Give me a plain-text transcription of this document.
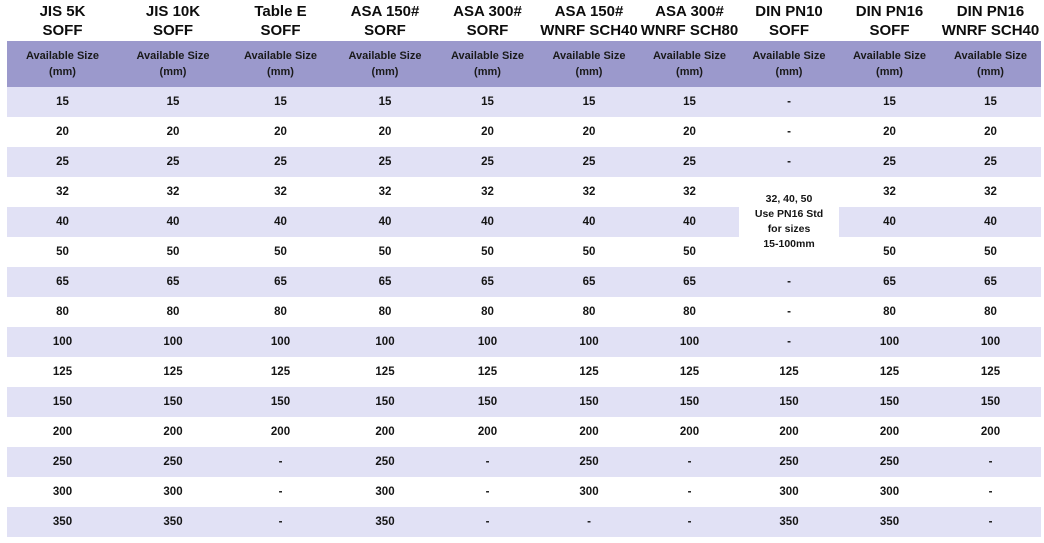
JIS 5K
SOFF
Available Size
(mm)
15
20
25
32
40
50
65
80
100
125
150
200
250
300
350
JIS 10K
SOFF
Available Size
(mm)
15
20
25
32
40
50
65
80
100
125
150
200
250
300
350
Table E
SOFF
Available Size
(mm)
15
20
25
32
40
50
65
80
100
125
150
200
-
-
-
ASA 150#
SORF
Available Size
(mm)
15
20
25
32
40
50
65
80
100
125
150
200
250
300
350
ASA 300#
SORF
Available Size
(mm)
15
20
25
32
40
50
65
80
100
125
150
200
-
-
-
ASA 150#
WNRF SCH40
Available Size
(mm)
15
20
25
32
40
50
65
80
100
125
150
200
250
300
-
ASA 300#
WNRF SCH80
Available Size
(mm)
15
20
25
32
40
50
65
80
100
125
150
200
-
-
-
DIN PN10
SOFF
Available Size
(mm)
-
-
-
-
-
-
125
150
200
250
300
350
32, 40, 50
Use PN16 Std
for sizes
15-100mm
DIN PN16
SOFF
Available Size
(mm)
15
20
25
32
40
50
65
80
100
125
150
200
250
300
350
DIN PN16
WNRF SCH40
Available Size
(mm)
15
20
25
32
40
50
65
80
100
125
150
200
-
-
-
